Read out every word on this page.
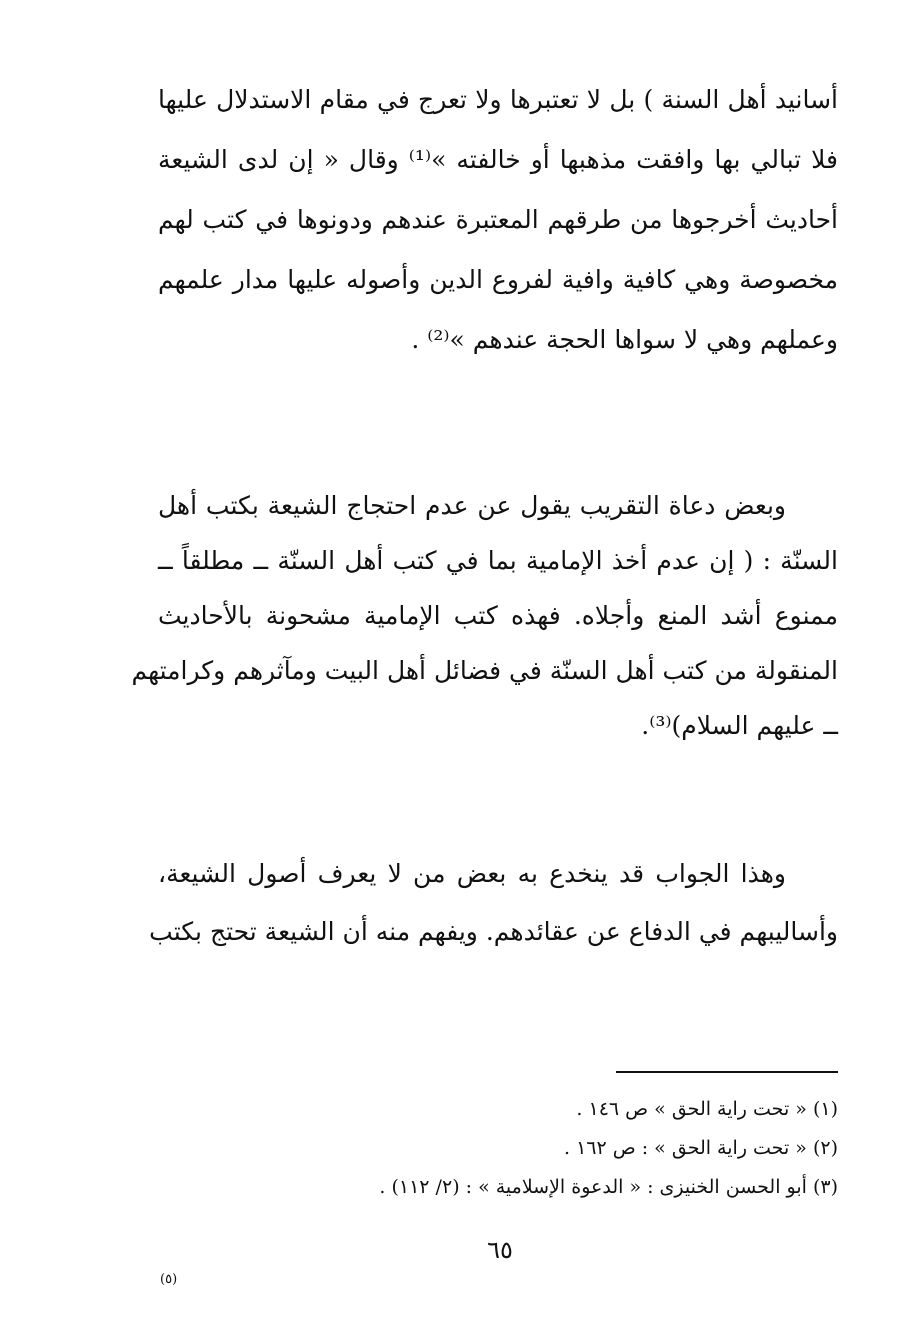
أسانيد أهل السنة ) بل لا تعتبرها ولا تعرج في مقام الاستدلال عليها
فلا تبالي بها وافقت مذهبها أو خالفته »⁽¹⁾ وقال « إن لدى الشيعة
أحاديث أخرجوها من طرقهم المعتبرة عندهم ودونوها في كتب لهم
مخصوصة وهي كافية وافية لفروع الدين وأصوله عليها مدار علمهم
وعملهم وهي لا سواها الحجة عندهم »⁽²⁾ .
وبعض دعاة التقريب يقول عن عدم احتجاج الشيعة بكتب أهل
السنّة : ( إن عدم أخذ الإمامية بما في كتب أهل السنّة ــ مطلقاً ــ
ممنوع أشد المنع وأجلاه. فهذه كتب الإمامية مشحونة بالأحاديث
المنقولة من كتب أهل السنّة في فضائل أهل البيت ومآثرهم وكرامتهم
ــ عليهم السلام)⁽³⁾.
وهذا الجواب قد ينخدع به بعض من لا يعرف أصول الشيعة،
وأساليبهم في الدفاع عن عقائدهم. ويفهم منه أن الشيعة تحتج بكتب
(١) « تحت راية الحق » ص ١٤٦ .
(٢) « تحت راية الحق » : ص ١٦٢ .
(٣) أبو الحسن الخنيزى : « الدعوة الإسلامية » : (٢/ ١١٢) .
٦٥
(٥)
